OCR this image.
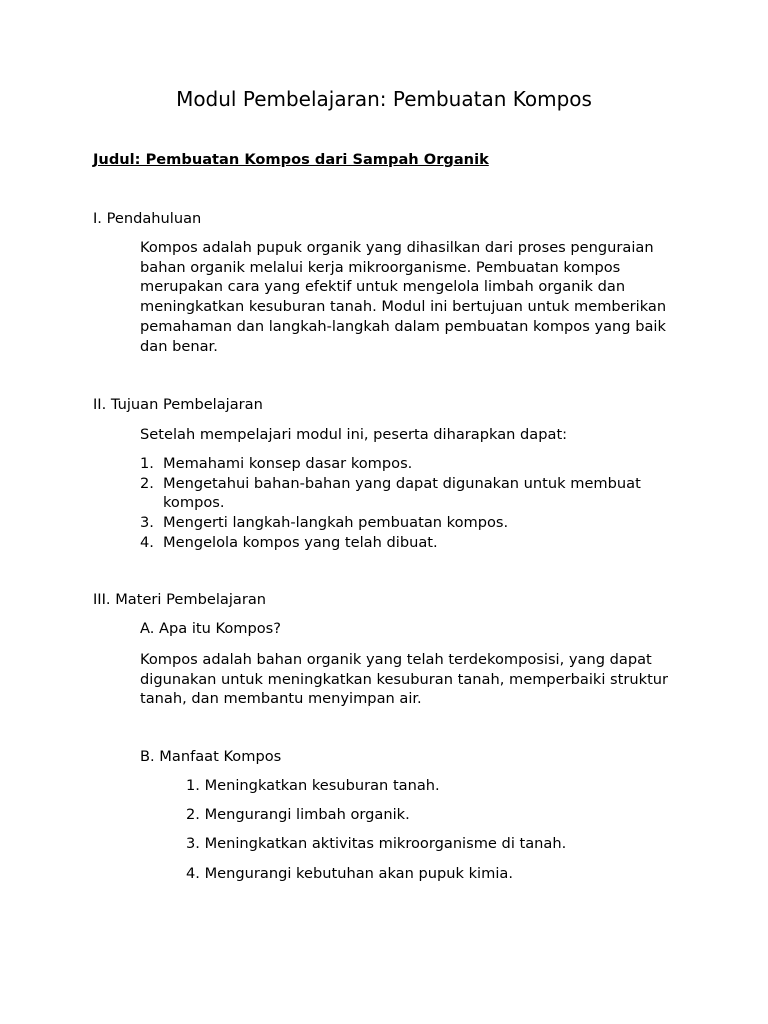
Modul Pembelajaran: Pembuatan Kompos
Judul: Pembuatan Kompos dari Sampah Organik
I. Pendahuluan
Kompos adalah pupuk organik yang dihasilkan dari proses penguraian bahan organik melalui kerja mikroorganisme. Pembuatan kompos merupakan cara yang efektif untuk mengelola limbah organik dan meningkatkan kesuburan tanah. Modul ini bertujuan untuk memberikan pemahaman dan langkah-langkah dalam pembuatan kompos yang baik dan benar.
II. Tujuan Pembelajaran
Setelah mempelajari modul ini, peserta diharapkan dapat:
1. Memahami konsep dasar kompos.
2. Mengetahui bahan-bahan yang dapat digunakan untuk membuat kompos.
3. Mengerti langkah-langkah pembuatan kompos.
4. Mengelola kompos yang telah dibuat.
III. Materi Pembelajaran
A. Apa itu Kompos?
Kompos adalah bahan organik yang telah terdekomposisi, yang dapat digunakan untuk meningkatkan kesuburan tanah, memperbaiki struktur tanah, dan membantu menyimpan air.
B. Manfaat Kompos
1. Meningkatkan kesuburan tanah.
2. Mengurangi limbah organik.
3. Meningkatkan aktivitas mikroorganisme di tanah.
4. Mengurangi kebutuhan akan pupuk kimia.
